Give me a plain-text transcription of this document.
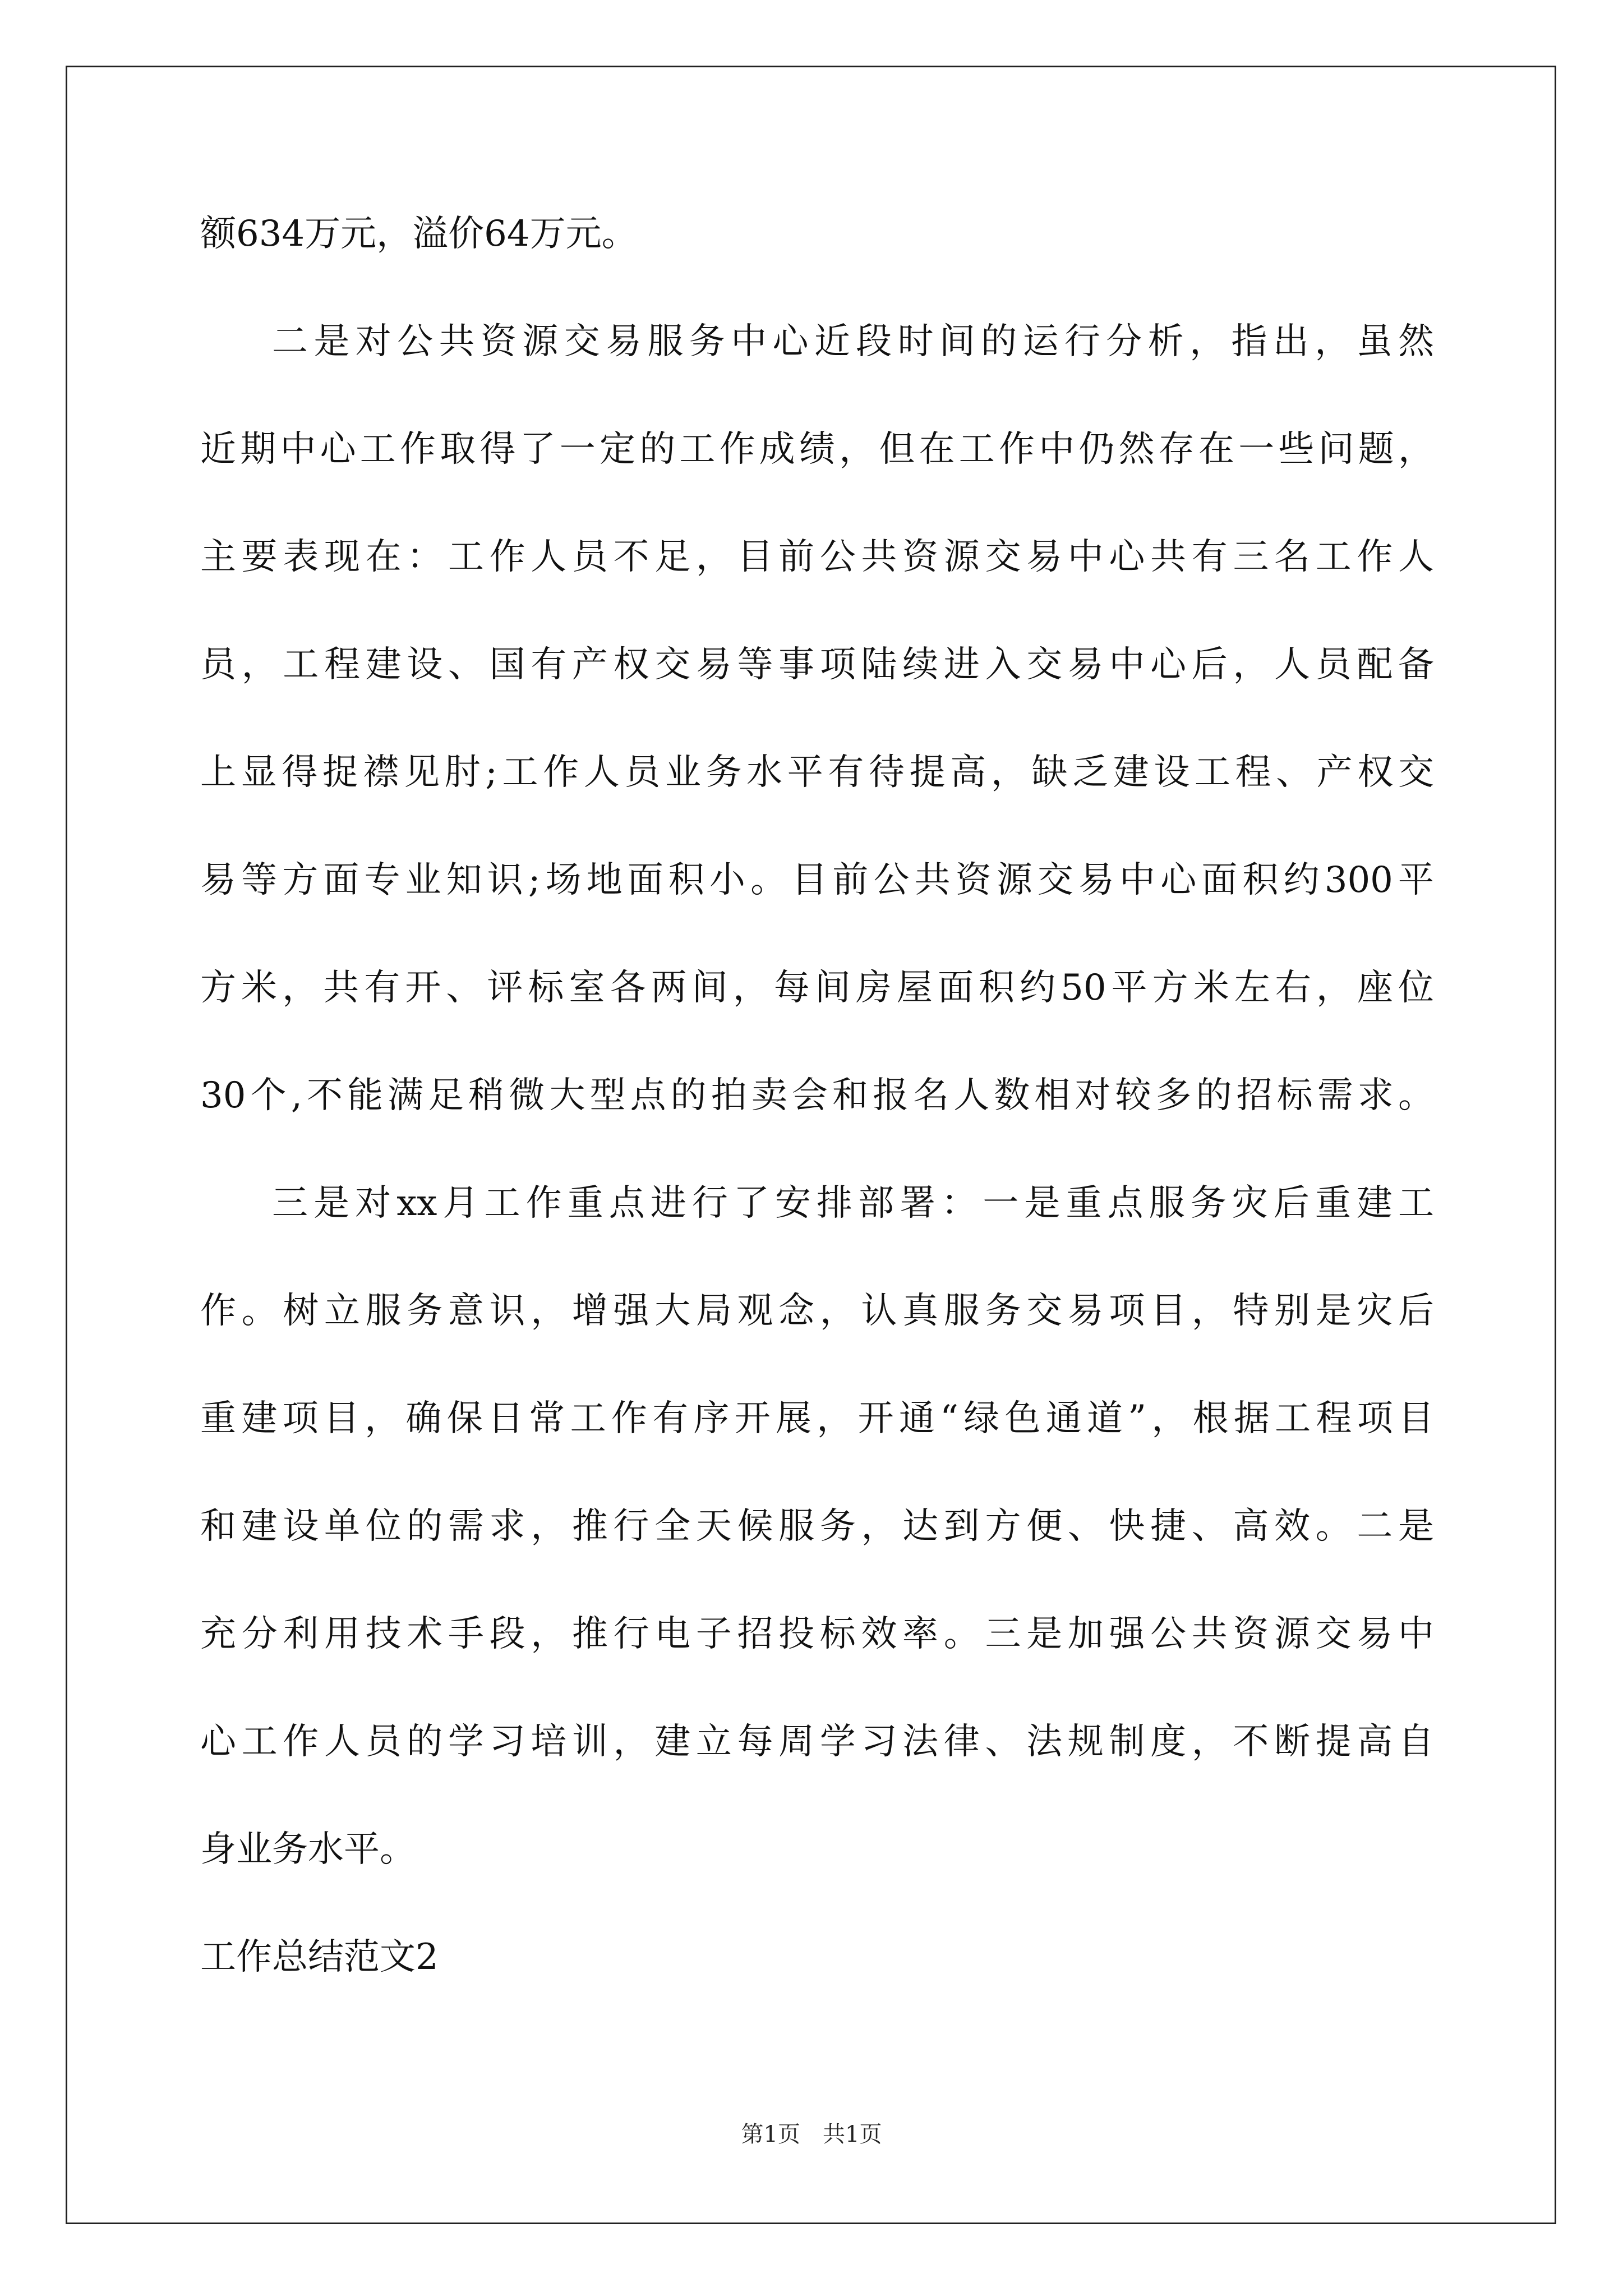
额634万元，溢价64万元。
二是对公共资源交易服务中心近段时间的运行分析，指出，虽然
近期中心工作取得了一定的工作成绩，但在工作中仍然存在一些问题，
主要表现在：工作人员不足，目前公共资源交易中心共有三名工作人
员，工程建设、国有产权交易等事项陆续进入交易中心后，人员配备
上显得捉襟见肘;工作人员业务水平有待提高，缺乏建设工程、产权交
易等方面专业知识;场地面积小。目前公共资源交易中心面积约300平
方米，共有开、评标室各两间，每间房屋面积约50平方米左右，座位
30个,不能满足稍微大型点的拍卖会和报名人数相对较多的招标需求。
三是对xx月工作重点进行了安排部署：一是重点服务灾后重建工
作。树立服务意识，增强大局观念，认真服务交易项目，特别是灾后
重建项目，确保日常工作有序开展，开通“绿色通道”，根据工程项目
和建设单位的需求，推行全天候服务，达到方便、快捷、高效。二是
充分利用技术手段，推行电子招投标效率。三是加强公共资源交易中
心工作人员的学习培训，建立每周学习法律、法规制度，不断提高自
身业务水平。
工作总结范文2
第1页　共1页
